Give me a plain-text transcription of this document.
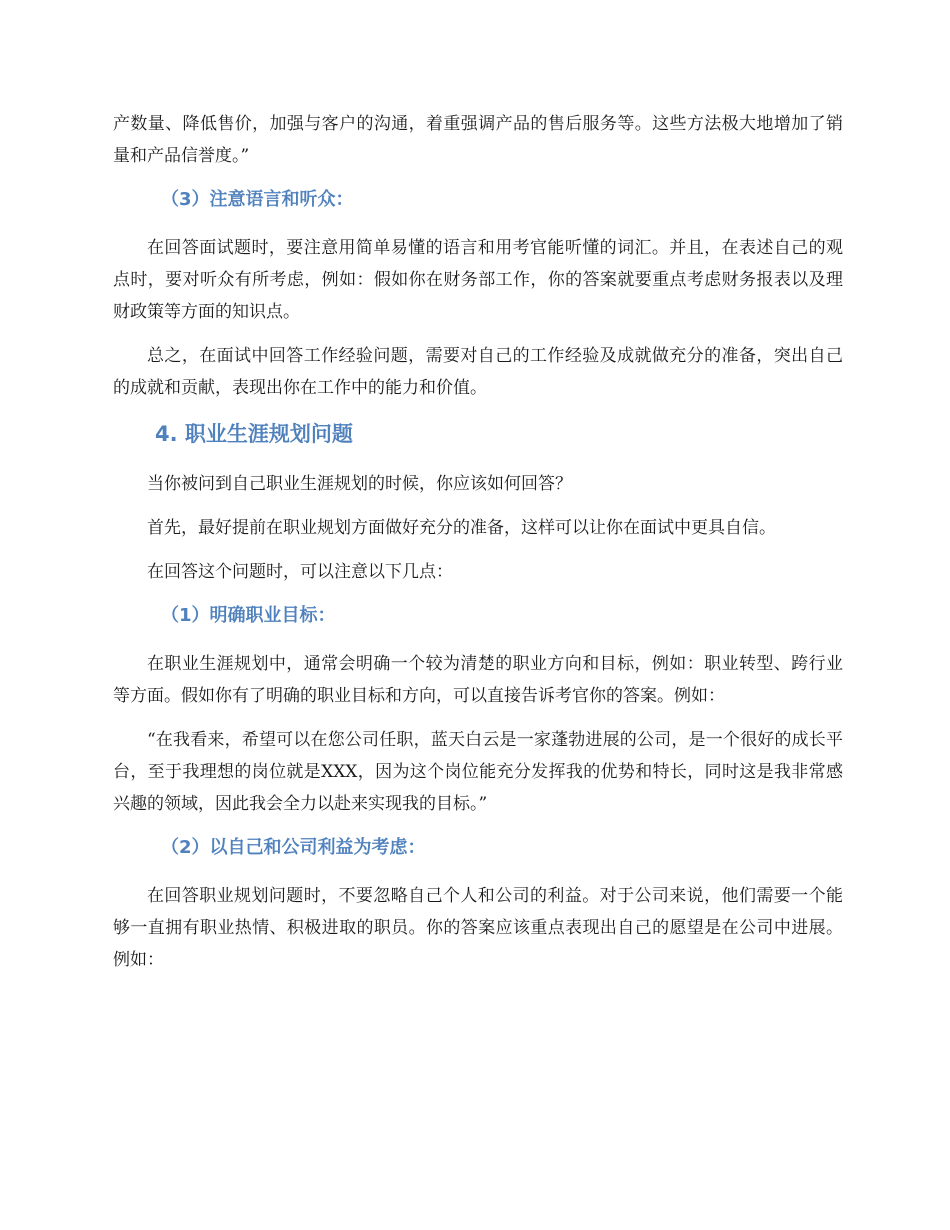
产数量、降低售价，加强与客户的沟通，着重强调产品的售后服务等。这些方法极大地增加了销量和产品信誉度。”

（3）注意语言和听众：

在回答面试题时，要注意用简单易懂的语言和用考官能听懂的词汇。并且，在表述自己的观点时，要对听众有所考虑，例如：假如你在财务部工作，你的答案就要重点考虑财务报表以及理财政策等方面的知识点。

总之，在面试中回答工作经验问题，需要对自己的工作经验及成就做充分的准备，突出自己的成就和贡献，表现出你在工作中的能力和价值。

4. 职业生涯规划问题

当你被问到自己职业生涯规划的时候，你应该如何回答？

首先，最好提前在职业规划方面做好充分的准备，这样可以让你在面试中更具自信。

在回答这个问题时，可以注意以下几点：

（1）明确职业目标：

在职业生涯规划中，通常会明确一个较为清楚的职业方向和目标，例如：职业转型、跨行业等方面。假如你有了明确的职业目标和方向，可以直接告诉考官你的答案。例如：

“在我看来，希望可以在您公司任职，蓝天白云是一家蓬勃进展的公司，是一个很好的成长平台，至于我理想的岗位就是XXX，因为这个岗位能充分发挥我的优势和特长，同时这是我非常感兴趣的领域，因此我会全力以赴来实现我的目标。”

（2）以自己和公司利益为考虑：

在回答职业规划问题时，不要忽略自己个人和公司的利益。对于公司来说，他们需要一个能够一直拥有职业热情、积极进取的职员。你的答案应该重点表现出自己的愿望是在公司中进展。例如：
